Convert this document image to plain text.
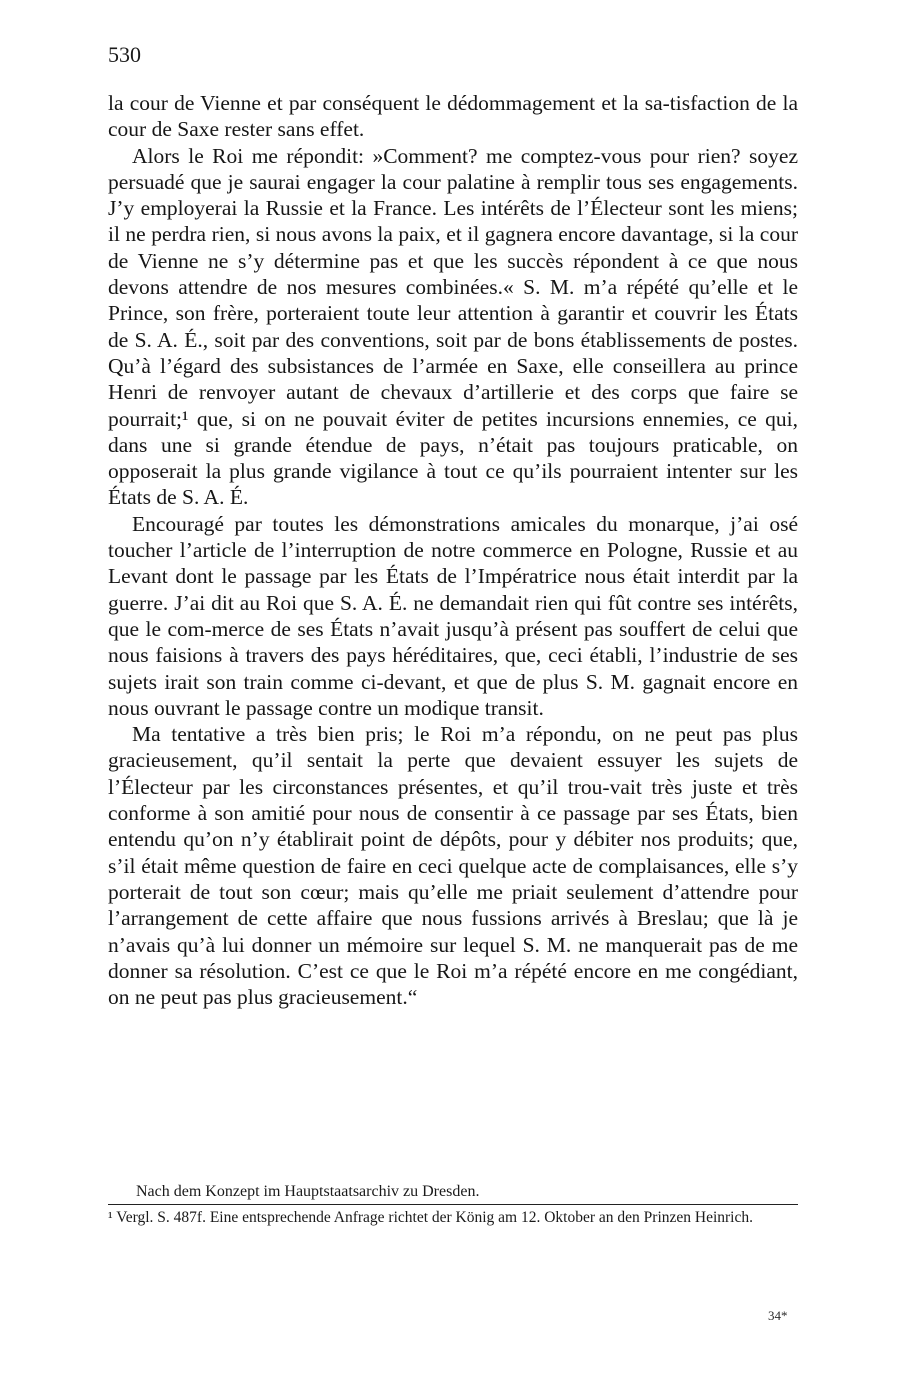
530

la cour de Vienne et par conséquent le dédommagement et la sa-tisfaction de la cour de Saxe rester sans effet.

Alors le Roi me répondit: »Comment? me comptez-vous pour rien? soyez persuadé que je saurai engager la cour palatine à remplir tous ses engagements. J’y employerai la Russie et la France. Les intérêts de l’Électeur sont les miens; il ne perdra rien, si nous avons la paix, et il gagnera encore davantage, si la cour de Vienne ne s’y détermine pas et que les succès répondent à ce que nous devons attendre de nos mesures combinées.« S. M. m’a répété qu’elle et le Prince, son frère, porteraient toute leur attention à garantir et couvrir les États de S. A. É., soit par des conventions, soit par de bons établissements de postes. Qu’à l’égard des subsistances de l’armée en Saxe, elle conseillera au prince Henri de renvoyer autant de chevaux d’artillerie et des corps que faire se pourrait;¹ que, si on ne pouvait éviter de petites incursions ennemies, ce qui, dans une si grande étendue de pays, n’était pas toujours praticable, on opposerait la plus grande vigilance à tout ce qu’ils pourraient intenter sur les États de S. A. É.

Encouragé par toutes les démonstrations amicales du monarque, j’ai osé toucher l’article de l’interruption de notre commerce en Pologne, Russie et au Levant dont le passage par les États de l’Impératrice nous était interdit par la guerre. J’ai dit au Roi que S. A. É. ne demandait rien qui fût contre ses intérêts, que le com-merce de ses États n’avait jusqu’à présent pas souffert de celui que nous faisions à travers des pays héréditaires, que, ceci établi, l’industrie de ses sujets irait son train comme ci-devant, et que de plus S. M. gagnait encore en nous ouvrant le passage contre un modique transit.

Ma tentative a très bien pris; le Roi m’a répondu, on ne peut pas plus gracieusement, qu’il sentait la perte que devaient essuyer les sujets de l’Électeur par les circonstances présentes, et qu’il trou-vait très juste et très conforme à son amitié pour nous de consentir à ce passage par ses États, bien entendu qu’on n’y établirait point de dépôts, pour y débiter nos produits; que, s’il était même question de faire en ceci quelque acte de complaisances, elle s’y porterait de tout son cœur; mais qu’elle me priait seulement d’attendre pour l’arrangement de cette affaire que nous fussions arrivés à Breslau; que là je n’avais qu’à lui donner un mémoire sur lequel S. M. ne manquerait pas de me donner sa résolution. C’est ce que le Roi m’a répété encore en me congédiant, on ne peut pas plus gracieusement.“

Nach dem Konzept im Hauptstaatsarchiv zu Dresden.
¹ Vergl. S. 487f. Eine entsprechende Anfrage richtet der König am 12. Oktober an den Prinzen Heinrich.
34*
